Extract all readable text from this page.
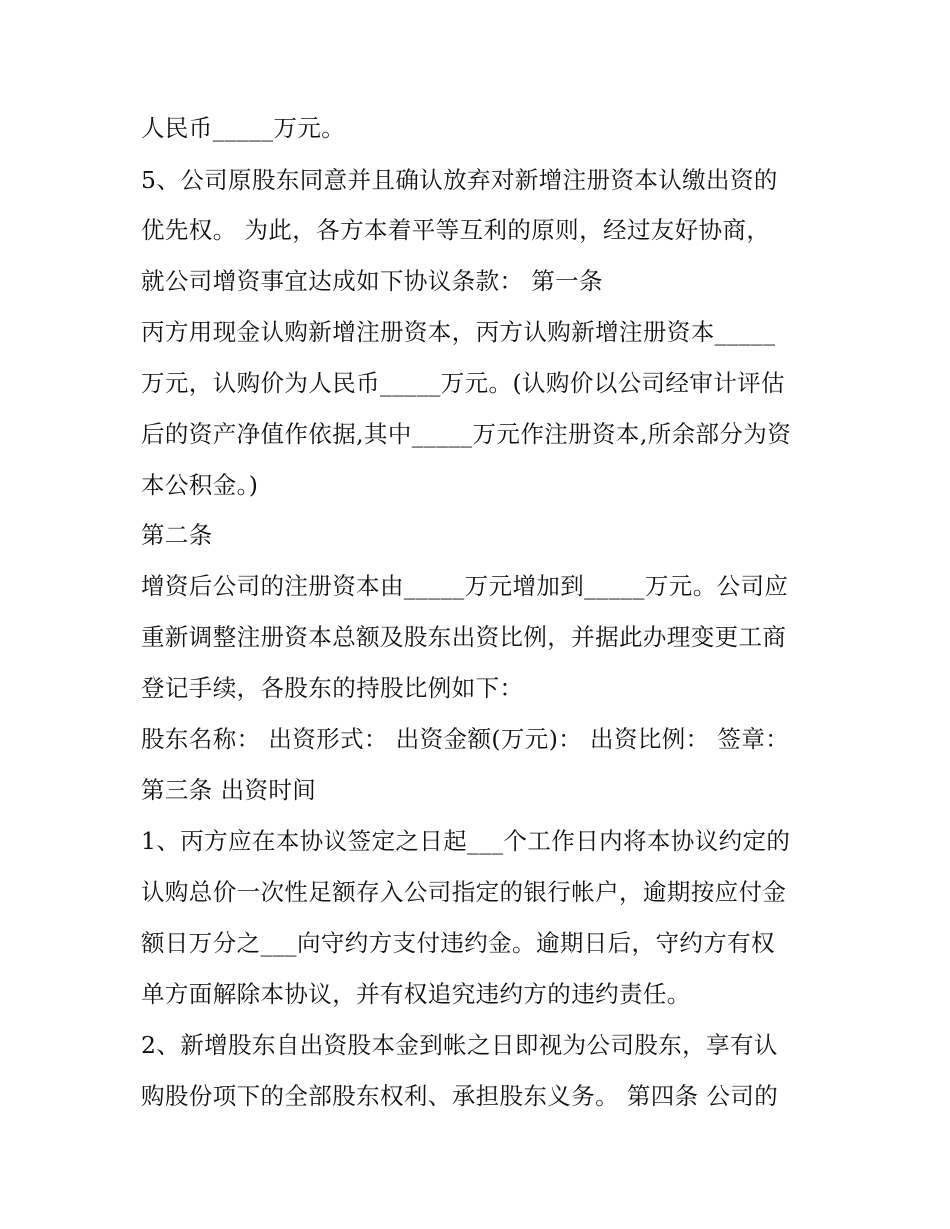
人民币_____万元。
5、公司原股东同意并且确认放弃对新增注册资本认缴出资的
优先权。 为此，各方本着平等互利的原则，经过友好协商，
就公司增资事宜达成如下协议条款： 第一条
丙方用现金认购新增注册资本，丙方认购新增注册资本_____
万元，认购价为人民币_____万元。(认购价以公司经审计评估
后的资产净值作依据,其中_____万元作注册资本,所余部分为资
本公积金。)
第二条
增资后公司的注册资本由_____万元增加到_____万元。公司应
重新调整注册资本总额及股东出资比例，并据此办理变更工商
登记手续，各股东的持股比例如下：
股东名称： 出资形式： 出资金额(万元)： 出资比例： 签章：
第三条 出资时间
1、丙方应在本协议签定之日起___个工作日内将本协议约定的
认购总价一次性足额存入公司指定的银行帐户，逾期按应付金
额日万分之___向守约方支付违约金。逾期日后，守约方有权
单方面解除本协议，并有权追究违约方的违约责任。
2、新增股东自出资股本金到帐之日即视为公司股东，享有认
购股份项下的全部股东权利、承担股东义务。 第四条 公司的
